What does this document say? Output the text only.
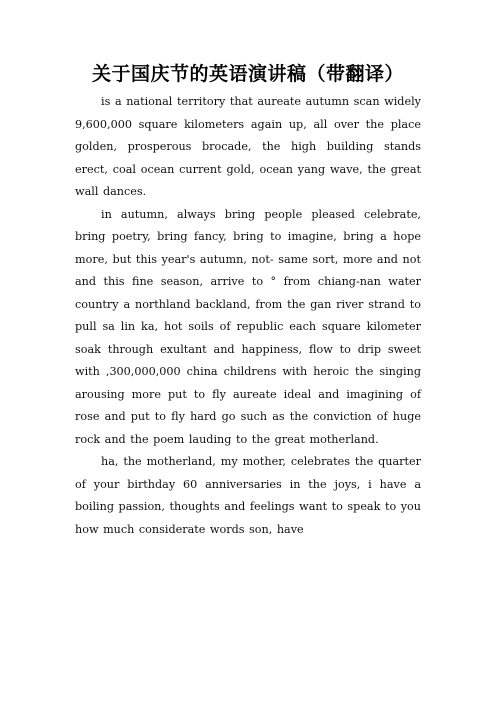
关于国庆节的英语演讲稿（带翻译）

is a national territory that aureate autumn scan widely 9,600,000 square kilometers again up, all over the place golden, prosperous brocade, the high building stands erect, coal ocean current gold, ocean yang wave, the great wall dances.

in autumn, always bring people pleased celebrate, bring poetry, bring fancy, bring to imagine, bring a hope more, but this year's autumn, not- same sort, more and not and this fine season, arrive to ° from chiang-nan water country a northland backland, from the gan river strand to pull sa lin ka, hot soils of republic each square kilometer soak through exultant and happiness, flow to drip sweet with ,300,000,000 china childrens with heroic the singing arousing more put to fly aureate ideal and imagining of rose and put to fly hard go such as the conviction of huge rock and the poem lauding to the great motherland.

ha, the motherland, my mother, celebrates the quarter of your birthday 60 anniversaries in the joys, i have a boiling passion, thoughts and feelings want to speak to you how much considerate words son, have
